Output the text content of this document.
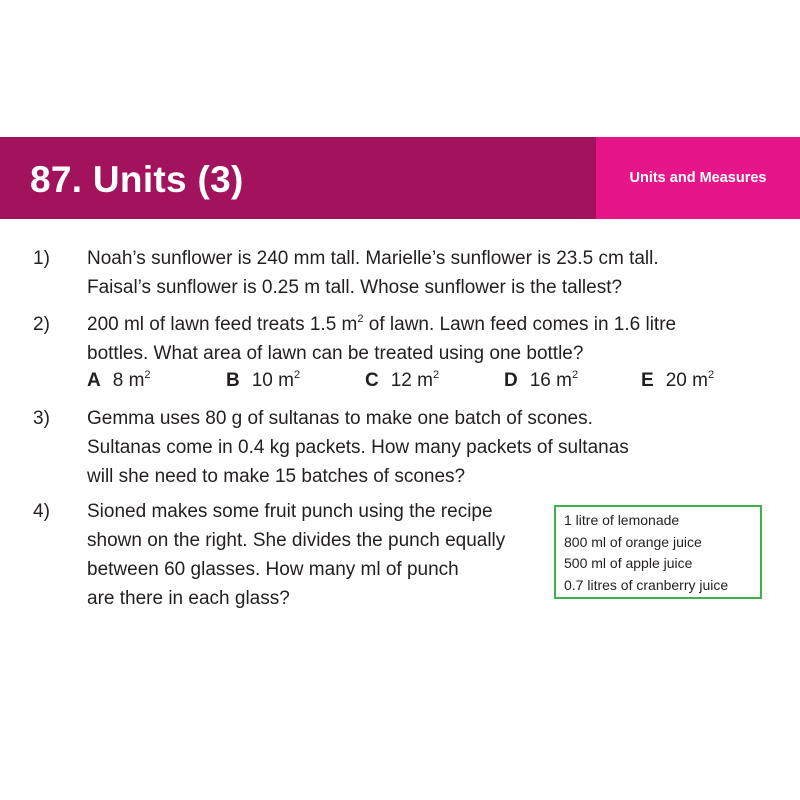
87. Units (3)	Units and Measures
1) Noah’s sunflower is 240 mm tall. Marielle’s sunflower is 23.5 cm tall.
Faisal’s sunflower is 0.25 m tall. Whose sunflower is the tallest?
2) 200 ml of lawn feed treats 1.5 $m^2$ of lawn. Lawn feed comes in 1.6 litre
bottles. What area of lawn can be treated using one bottle?
A 8 $m^2$	B 10 $m^2$	C 12 $m^2$	D 16 $m^2$	E 20 $m^2$
3) Gemma uses 80 g of sultanas to make one batch of scones.
Sultanas come in 0.4 kg packets. How many packets of sultanas
will she need to make 15 batches of scones?
4) Sioned makes some fruit punch using the recipe
shown on the right. She divides the punch equally
between 60 glasses. How many ml of punch
are there in each glass?
1 litre of lemonade
800 ml of orange juice
500 ml of apple juice
0.7 litres of cranberry juice
